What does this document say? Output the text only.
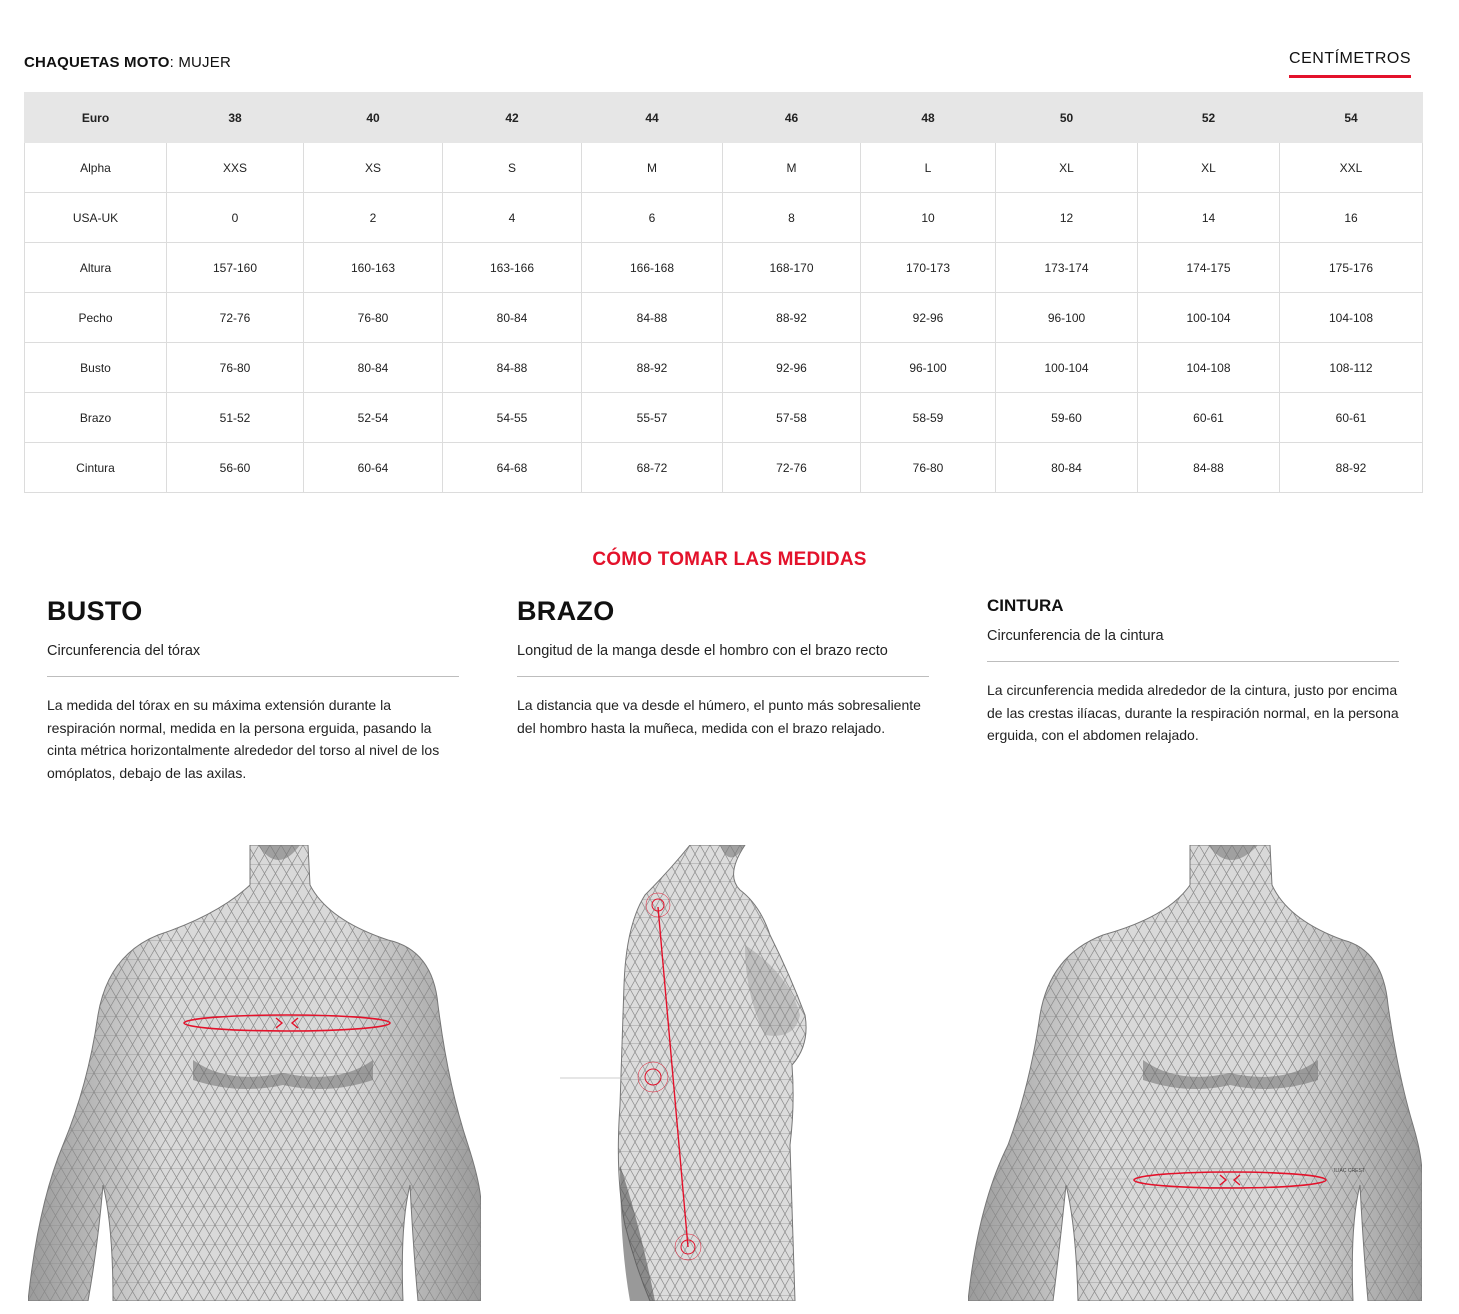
CHAQUETAS MOTO: MUJER	CENTÍMETROS
Euro	38	40	42	44	46	48	50	52	54
Alpha	XXS	XS	S	M	M	L	XL	XL	XXL
USA-UK	0	2	4	6	8	10	12	14	16
Altura	157-160	160-163	163-166	166-168	168-170	170-173	173-174	174-175	175-176
Pecho	72-76	76-80	80-84	84-88	88-92	92-96	96-100	100-104	104-108
Busto	76-80	80-84	84-88	88-92	92-96	96-100	100-104	104-108	108-112
Brazo	51-52	52-54	54-55	55-57	57-58	58-59	59-60	60-61	60-61
Cintura	56-60	60-64	64-68	68-72	72-76	76-80	80-84	84-88	88-92
CÓMO TOMAR LAS MEDIDAS
BUSTO
Circunferencia del tórax
La medida del tórax en su máxima extensión durante la respiración normal, medida en la persona erguida, pasando la cinta métrica horizontalmente alrededor del torso al nivel de los omóplatos, debajo de las axilas.
BRAZO
Longitud de la manga desde el hombro con el brazo recto
La distancia que va desde el húmero, el punto más sobresaliente del hombro hasta la muñeca, medida con el brazo relajado.
CINTURA
Circunferencia de la cintura
La circunferencia medida alrededor de la cintura, justo por encima de las crestas ilíacas, durante la respiración normal, en la persona erguida, con el abdomen relajado.
ILIAC CREST
